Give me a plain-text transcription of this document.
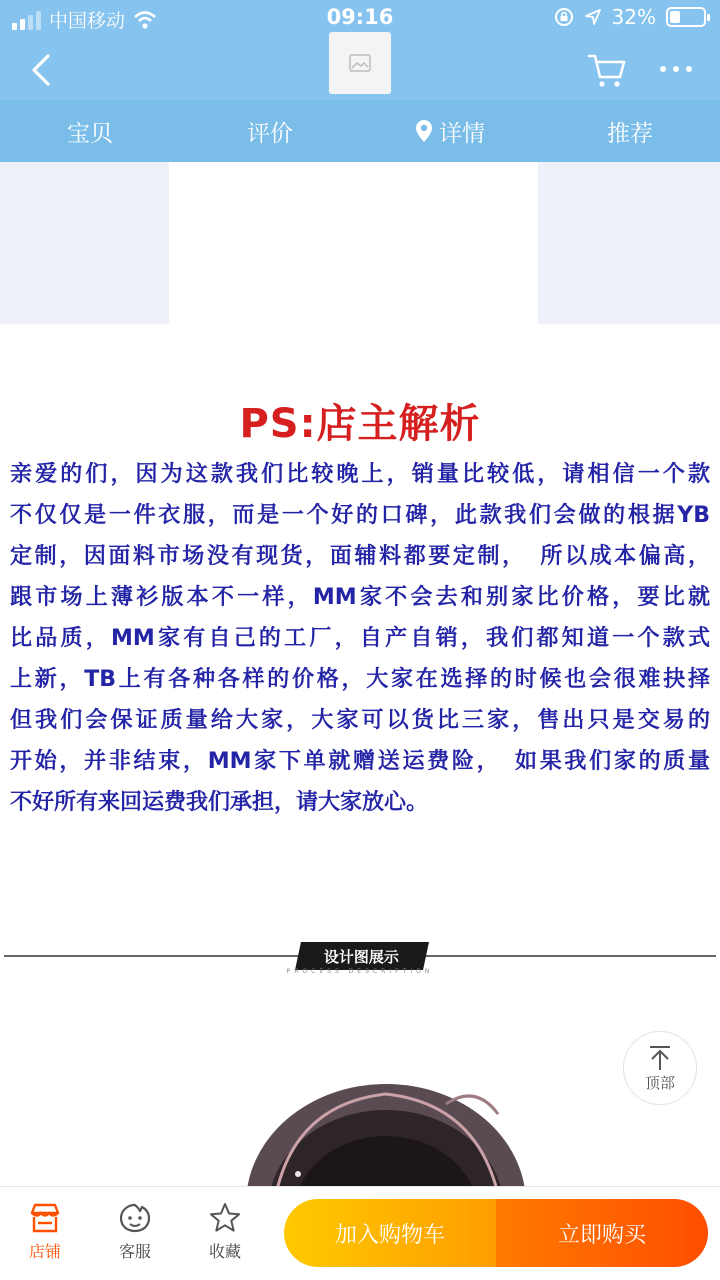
中国移动	09:16	32%
宝贝	评价	详情	推荐
PS:店主解析

亲爱的们，因为这款我们比较晚上，销量比较低，请相信一个款

不仅仅是一件衣服，而是一个好的口碑，此款我们会做的根据YB

定制，因面料市场没有现货，面辅料都要定制，　所以成本偏高，

跟市场上薄衫版本不一样，MM家不会去和别家比价格，要比就

比品质，MM家有自己的工厂，自产自销，我们都知道一个款式

上新，TB上有各种各样的价格，大家在选择的时候也会很难抉择

但我们会保证质量给大家，大家可以货比三家，售出只是交易的

开始，并非结束，MM家下单就赠送运费险，　如果我们家的质量

不好所有来回运费我们承担，请大家放心。

设计图展示
PROCESS DESCRIPTION
顶部
店铺	客服	收藏
加入购物车	立即购买
